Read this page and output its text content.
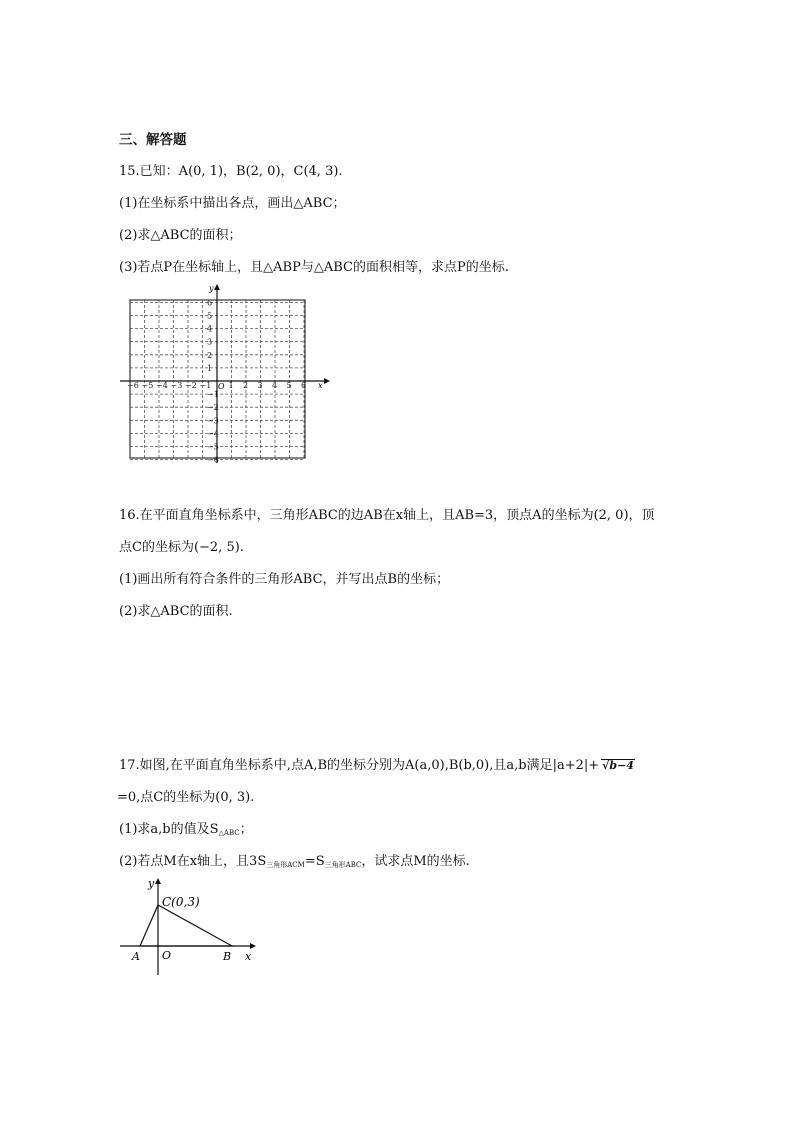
三、解答题
15.已知：A(0, 1)，B(2, 0)，C(4, 3).
(1)在坐标系中描出各点，画出△ABC；
(2)求△ABC的面积；
(3)若点P在坐标轴上，且△ABP与△ABC的面积相等，求点P的坐标.
−6 −5 −4 −3 −2 −1 1 2 3 4 5 6
6
5
4
3
2
1
−1
−2
−3
−4
−5
−6
x
y
O
16.在平面直角坐标系中，三角形ABC的边AB在x轴上，且AB=3，顶点A的坐标为(2, 0)，顶
点C的坐标为(−2, 5).
(1)画出所有符合条件的三角形ABC，并写出点B的坐标；
(2)求△ABC的面积.
17.如图,在平面直角坐标系中,点A,B的坐标分别为A(a,0),B(b,0),且a,b满足|a+2|+ √b−4
=0,点C的坐标为(0, 3).
(1)求a,b的值及$S_{\triangle ABC}$；
(2)若点M在x轴上，且$3S_{三角形ACM}=S_{三角形ABC}$，试求点M的坐标.
y
x
C(0,3)
A O	B
